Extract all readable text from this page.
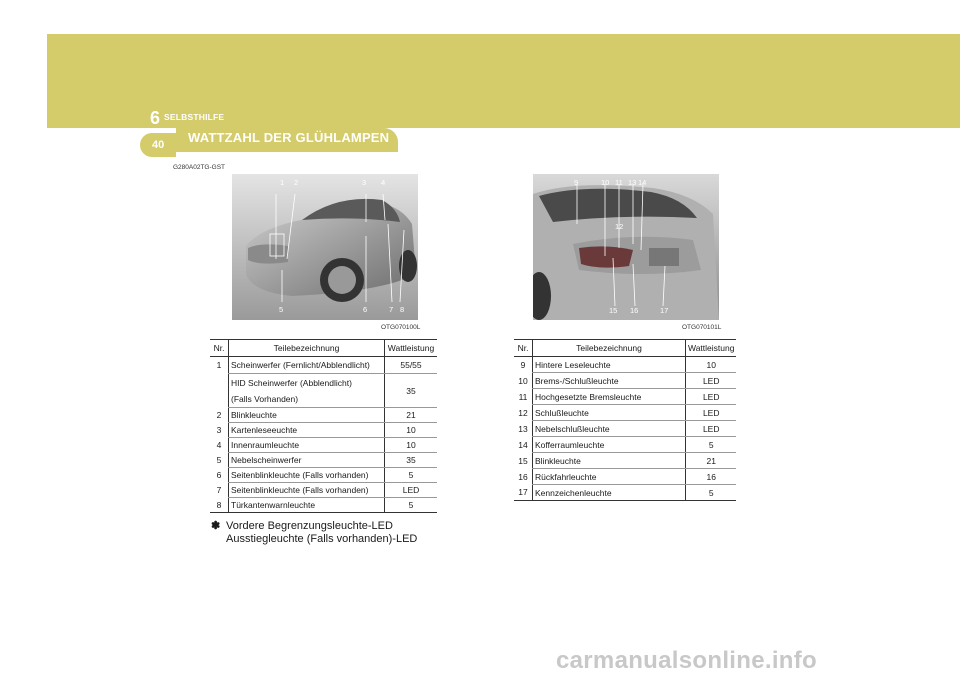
6 SELBSTHILFE
40 WATTZAHL DER GLÜHLAMPEN
G280A02TG-GST
1 2	3 4
5	6	7 8
OTG070100L
9	10 11 13 14
12
15 16	17
OTG070101L
Nr.	Teilebezeichnung	Wattleistung
1	Scheinwerfer (Fernlicht/Abblendlicht)	55/55

	HID Scheinwerfer (Abblendlicht)
(Falls Vorhanden)	35
2	Blinkleuchte	21
3	Kartenleseeuchte	10
4	Innenraumleuchte	10
5	Nebelscheinwerfer	35
6	Seitenblinkleuchte (Falls vorhanden)	5
7	Seitenblinkleuchte (Falls vorhanden)	LED
8	Türkantenwarnleuchte	5
Nr.	Teilebezeichnung	Wattleistung
9	Hintere Leseleuchte	10
10	Brems-/Schlußleuchte	LED
11	Hochgesetzte Bremsleuchte	LED
12	Schlußleuchte	LED
13	Nebelschlußleuchte	LED
14	Kofferraumleuchte	5
15	Blinkleuchte	21
16	Rückfahrleuchte	16
17	Kennzeichenleuchte	5
✽ Vordere Begrenzungsleuchte-LED
Ausstiegleuchte (Falls vorhanden)-LED
carmanualsonline.info
